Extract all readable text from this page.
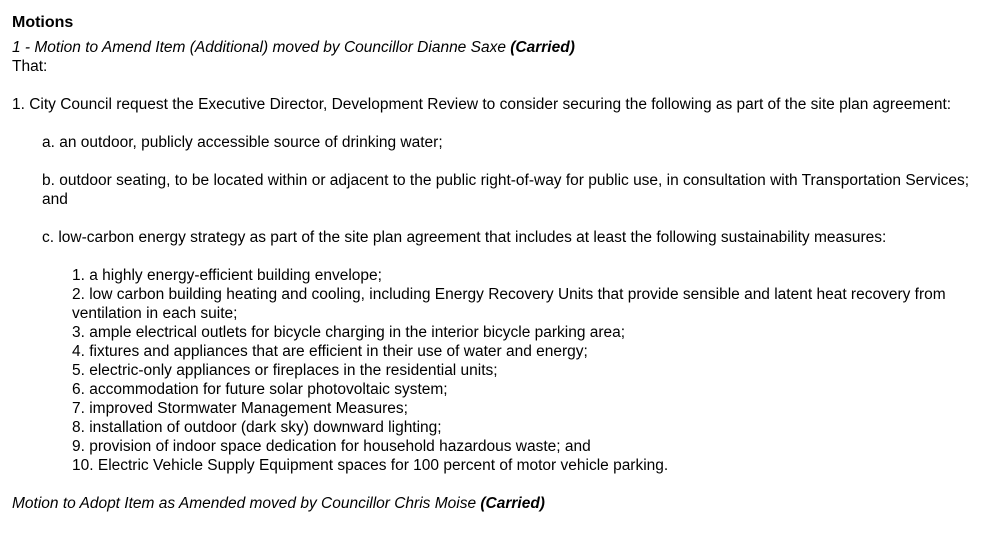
Motions

1 - Motion to Amend Item (Additional) moved by Councillor Dianne Saxe (Carried)

That:

1. City Council request the Executive Director, Development Review to consider securing the following as part of the site plan agreement:

a. an outdoor, publicly accessible source of drinking water;

b. outdoor seating, to be located within or adjacent to the public right-of-way for public use, in consultation with Transportation Services; and

c. low-carbon energy strategy as part of the site plan agreement that includes at least the following sustainability measures:

1. a highly energy-efficient building envelope;

2. low carbon building heating and cooling, including Energy Recovery Units that provide sensible and latent heat recovery from ventilation in each suite;

3. ample electrical outlets for bicycle charging in the interior bicycle parking area;

4. fixtures and appliances that are efficient in their use of water and energy;

5. electric-only appliances or fireplaces in the residential units;

6. accommodation for future solar photovoltaic system;

7. improved Stormwater Management Measures;

8. installation of outdoor (dark sky) downward lighting;

9. provision of indoor space dedication for household hazardous waste; and

10. Electric Vehicle Supply Equipment spaces for 100 percent of motor vehicle parking.

Motion to Adopt Item as Amended moved by Councillor Chris Moise (Carried)
